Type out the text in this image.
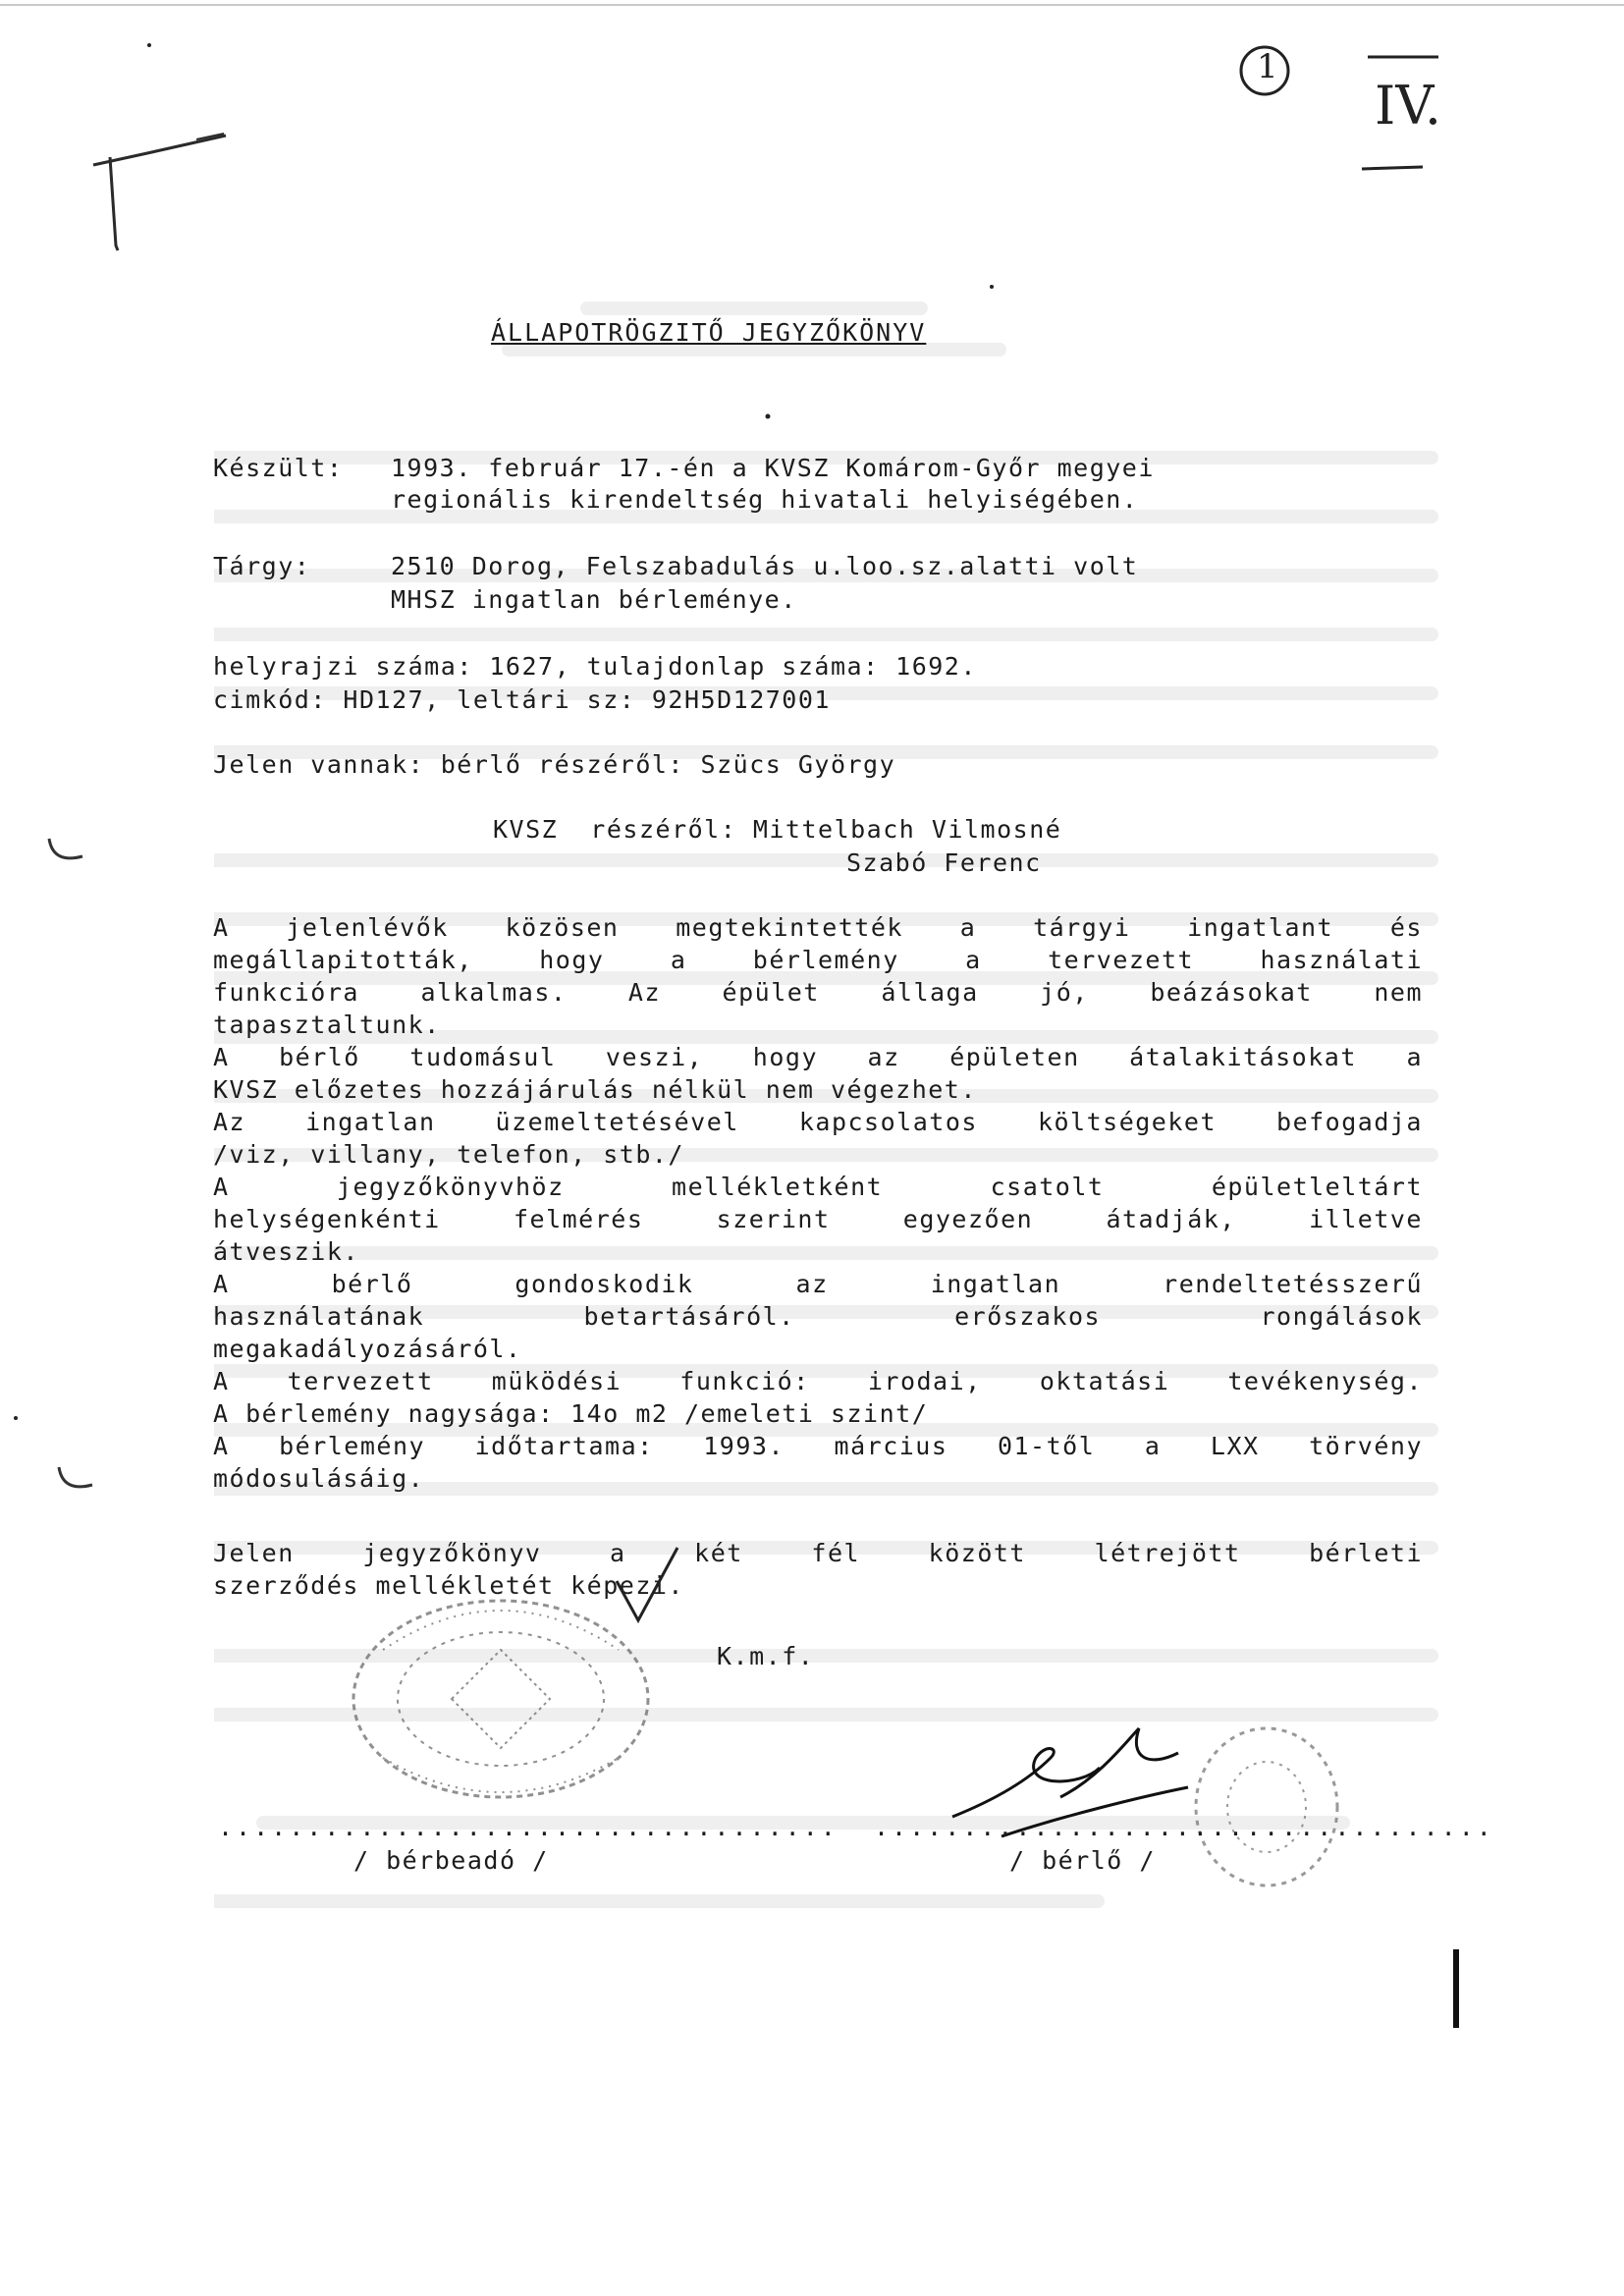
1
IV.
ÁLLAPOTRÖGZITŐ JEGYZŐKÖNYV
Készült: 1993. február 17.-én a KVSZ Komárom-Győr megyei
regionális kirendeltség hivatali helyiségében.
Tárgy:	2510 Dorog, Felszabadulás u.loo.sz.alatti volt
MHSZ ingatlan bérleménye.
helyrajzi száma: 1627, tulajdonlap száma: 1692.
cimkód: HD127, leltári sz: 92H5D127001
Jelen vannak: bérlő részéről: Szücs György
KVSZ  részéről: Mittelbach Vilmosné
Szabó Ferenc
A jelenlévők közösen megtekintették a tárgyi ingatlant és
megállapitották, hogy a bérlemény a tervezett használati
funkcióra alkalmas. Az épület állaga jó, beázásokat nem
tapasztaltunk.
A bérlő tudomásul veszi, hogy az épületen átalakitásokat a
KVSZ előzetes hozzájárulás nélkül nem végezhet.
Az ingatlan üzemeltetésével kapcsolatos költségeket befogadja
/viz, villany, telefon, stb./
A jegyzőkönyvhöz mellékletként csatolt épületleltárt
helységenkénti felmérés szerint egyezően átadják, illetve
átveszik.
A bérlő gondoskodik az ingatlan rendeltetésszerű
használatának betartásáról. erőszakos rongálások
megakadályozásáról.
A tervezett müködési funkció: irodai, oktatási tevékenység.
A bérlemény nagysága: 14o m2 /emeleti szint/
A bérlemény időtartama: 1993. március 01-től a LXX törvény
módosulásáig.
Jelen jegyzőkönyv a két fél között létrejött bérleti
szerződés mellékletét képezi.
K.m.f.
................................... ...................................
/ bérbeadó /	/ bérlő /
